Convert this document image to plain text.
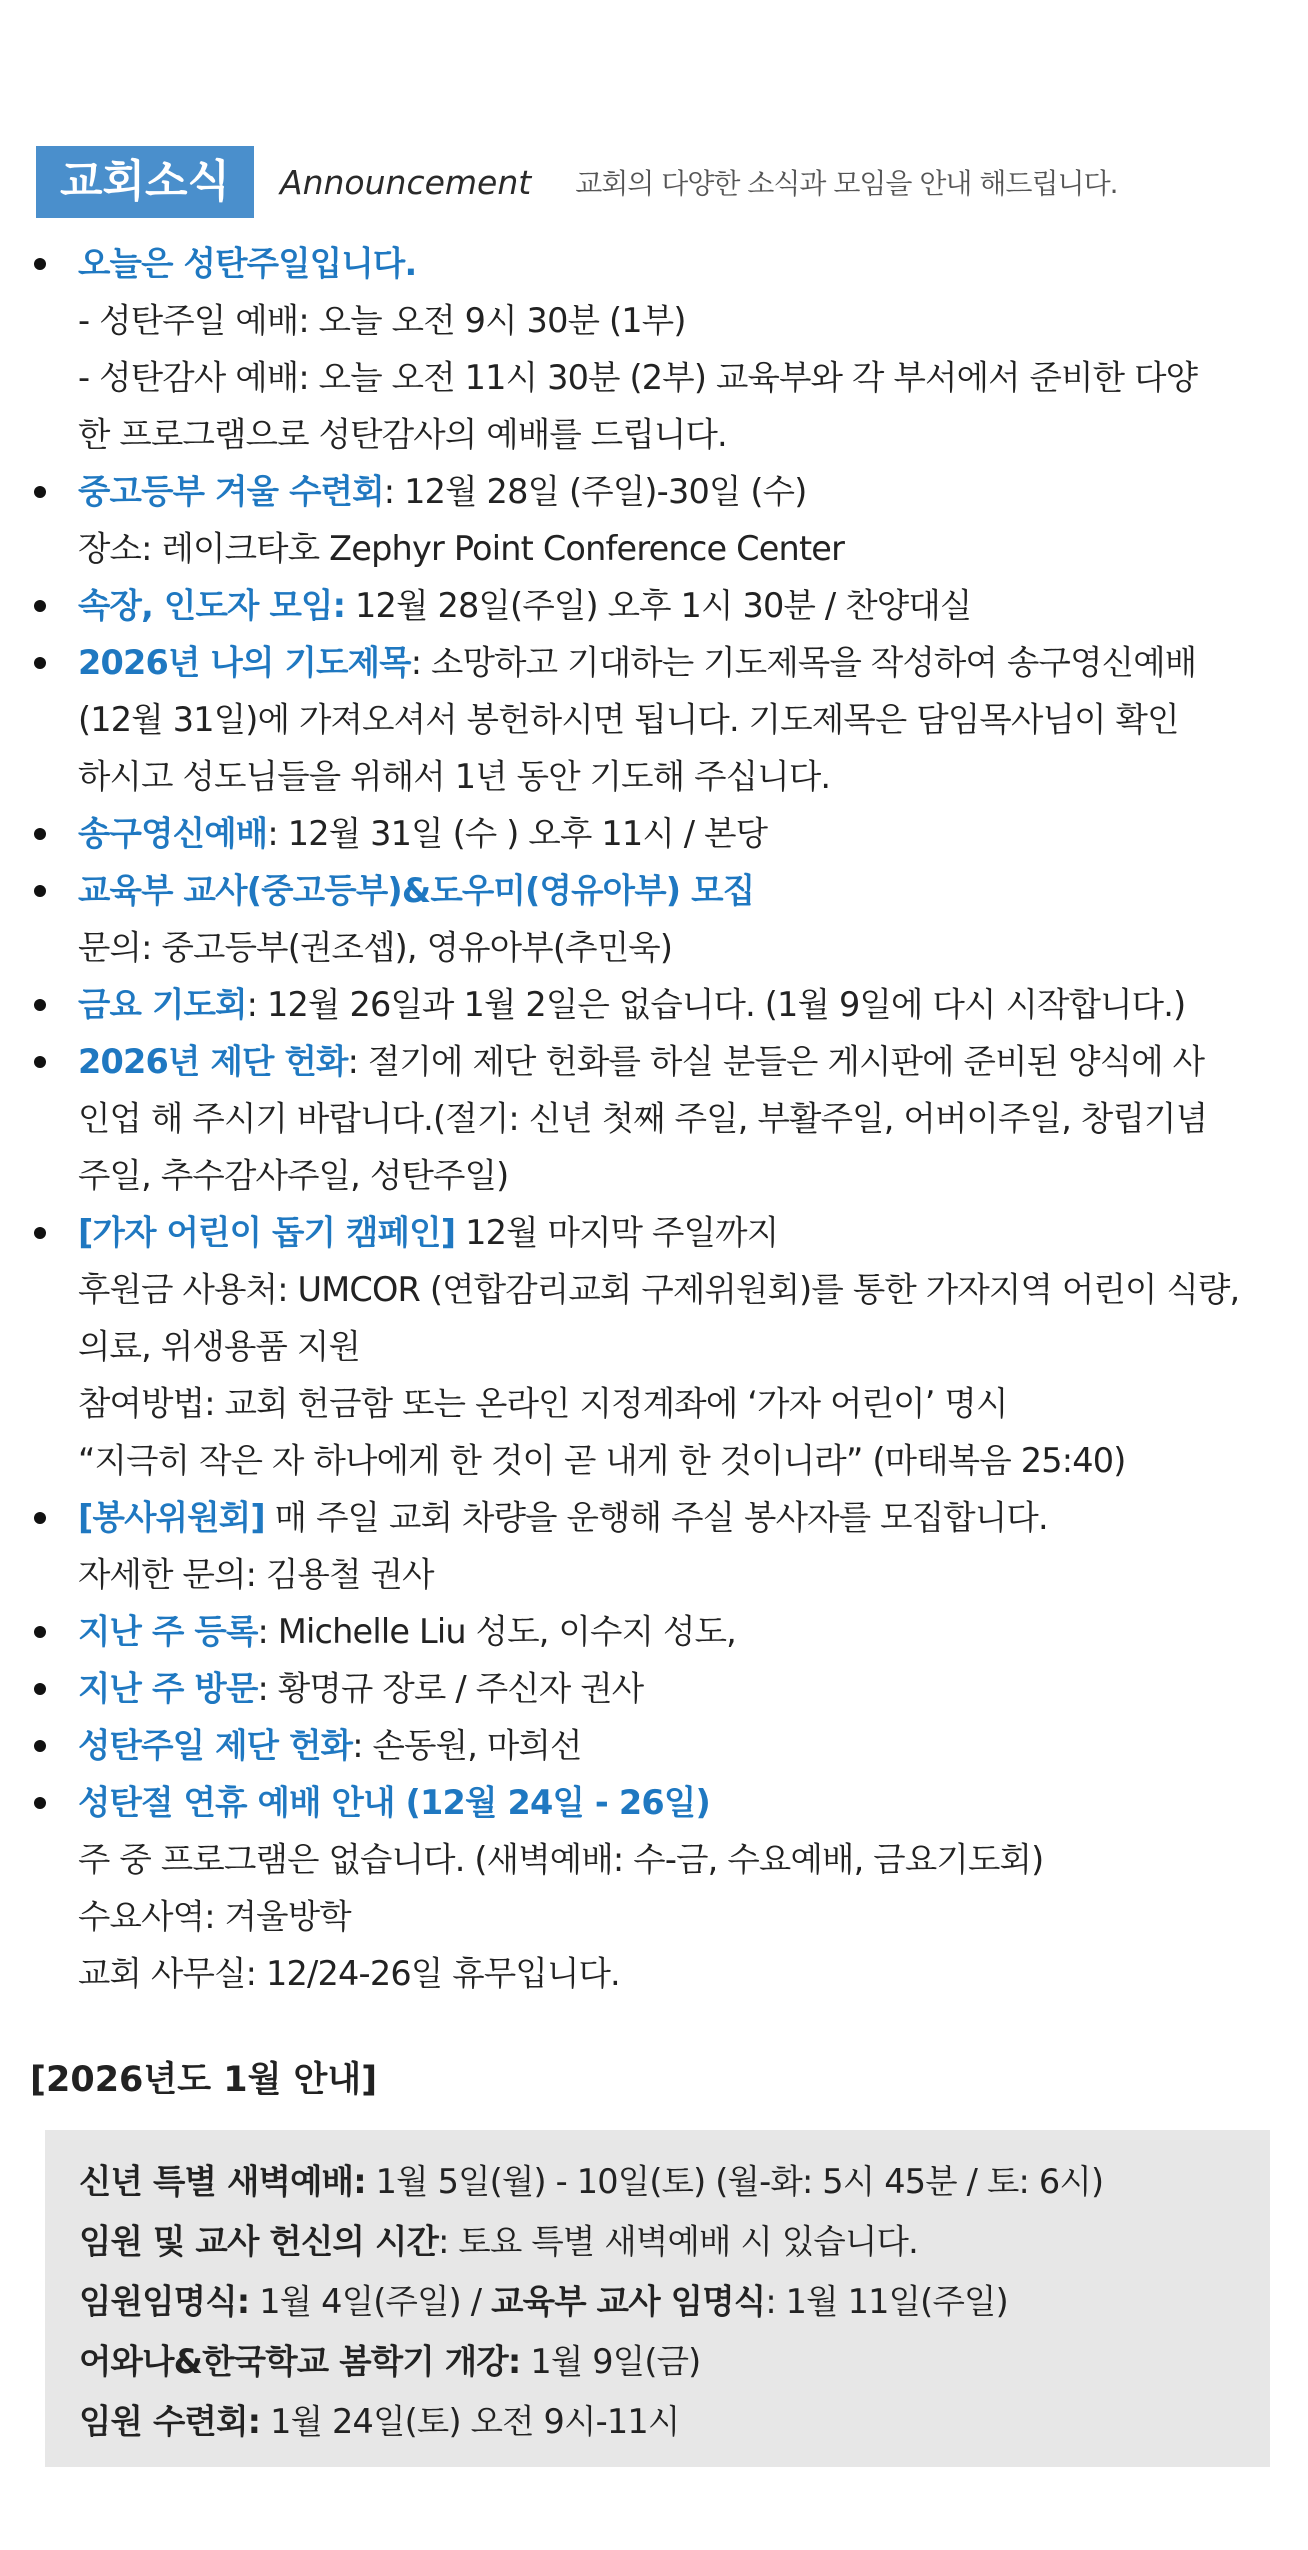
교회소식	Announcement 교회의 다양한 소식과 모임을 안내 해드립니다.
오늘은 성탄주일입니다.
- 성탄주일 예배: 오늘 오전 9시 30분 (1부)
- 성탄감사 예배: 오늘 오전 11시 30분 (2부) 교육부와 각 부서에서 준비한 다양
한 프로그램으로 성탄감사의 예배를 드립니다.
중고등부 겨울 수련회: 12월 28일 (주일)-30일 (수)
장소: 레이크타호 Zephyr Point Conference Center
속장, 인도자 모임: 12월 28일(주일) 오후 1시 30분 / 찬양대실
2026년 나의 기도제목: 소망하고 기대하는 기도제목을 작성하여 송구영신예배
(12월 31일)에 가져오셔서 봉헌하시면 됩니다. 기도제목은 담임목사님이 확인
하시고 성도님들을 위해서 1년 동안 기도해 주십니다.
송구영신예배: 12월 31일 (수 ) 오후 11시 / 본당
교육부 교사(중고등부)&도우미(영유아부) 모집
문의: 중고등부(권조셉), 영유아부(추민욱)
금요 기도회: 12월 26일과 1월 2일은 없습니다. (1월 9일에 다시 시작합니다.)
2026년 제단 헌화: 절기에 제단 헌화를 하실 분들은 게시판에 준비된 양식에 사
인업 해 주시기 바랍니다.(절기: 신년 첫째 주일, 부활주일, 어버이주일, 창립기념
주일, 추수감사주일, 성탄주일)
[가자 어린이 돕기 캠페인] 12월 마지막 주일까지
후원금 사용처: UMCOR (연합감리교회 구제위원회)를 통한 가자지역 어린이 식량,
의료, 위생용품 지원
참여방법: 교회 헌금함 또는 온라인 지정계좌에 ‘가자 어린이’ 명시
“지극히 작은 자 하나에게 한 것이 곧 내게 한 것이니라” (마태복음 25:40)
[봉사위원회] 매 주일 교회 차량을 운행해 주실 봉사자를 모집합니다.
자세한 문의: 김용철 권사
지난 주 등록: Michelle Liu 성도, 이수지 성도,
지난 주 방문: 황명규 장로 / 주신자 권사
성탄주일 제단 헌화: 손동원, 마희선
성탄절 연휴 예배 안내 (12월 24일 - 26일)
주 중 프로그램은 없습니다. (새벽예배: 수-금, 수요예배, 금요기도회)
수요사역: 겨울방학
교회 사무실: 12/24-26일 휴무입니다.
[2026년도 1월 안내]
신년 특별 새벽예배: 1월 5일(월) - 10일(토) (월-화: 5시 45분 / 토: 6시)
임원 및 교사 헌신의 시간: 토요 특별 새벽예배 시 있습니다.
임원임명식: 1월 4일(주일) / 교육부 교사 임명식: 1월 11일(주일)
어와나&한국학교 봄학기 개강: 1월 9일(금)
임원 수련회: 1월 24일(토) 오전 9시-11시
